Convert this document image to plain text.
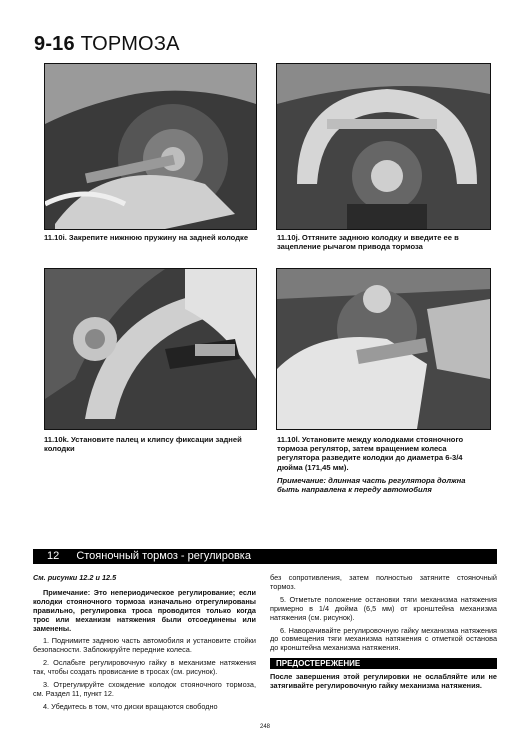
9-16 ТОРМОЗА
11.10i. Закрепите нижнюю пружину на задней колодке	11.10j. Оттяните заднюю колодку и введите ее в зацепление рычагом привода тормоза
11.10k. Установите палец и клипсу фиксации задней колодки
11.10l. Установите между колодками стояночного тормоза регулятор, затем вращением колеса регулятора разведите колодки до диаметра 6-3/4 дюйма (171,45 мм).
Примечание: длинная часть регулятора должна быть направлена к переду автомобиля
12 Стояночный тормоз - регулировка

См. рисунки 12.2 и 12.5

Примечание: Это непериодическое регулирование; если колодки стояночного тормоза изначально отрегулированы правильно, регулировка троса проводится только когда трос или механизм натяжения были отсоединены или заменены.

1. Поднимите заднюю часть автомобиля и установите стойки безопасности. Заблокируйте передние колеса.

2. Ослабьте регулировочную гайку в механизме натяжения так, чтобы создать провисание в тросах (см. рисунок).

3. Отрегулируйте схождение колодок стояночного тормоза, см. Раздел 11, пункт 12.

4. Убедитесь в том, что диски вращаются свободно

без сопротивления, затем полностью затяните стояночный тормоз.

5. Отметьте положение остановки тяги механизма натяжения примерно в 1/4 дюйма (6,5 мм) от кронштейна механизма натяжения (см. рисунок).

6. Наворачивайте регулировочную гайку механизма натяжения до совмещения тяги механизма натяжения с отметкой останова до кронштейна механизма натяжения.

ПРЕДОСТЕРЕЖЕНИЕ

После завершения этой регулировки не ослабляйте или не затягивайте регулировочную гайку механизма натяжения.

248
